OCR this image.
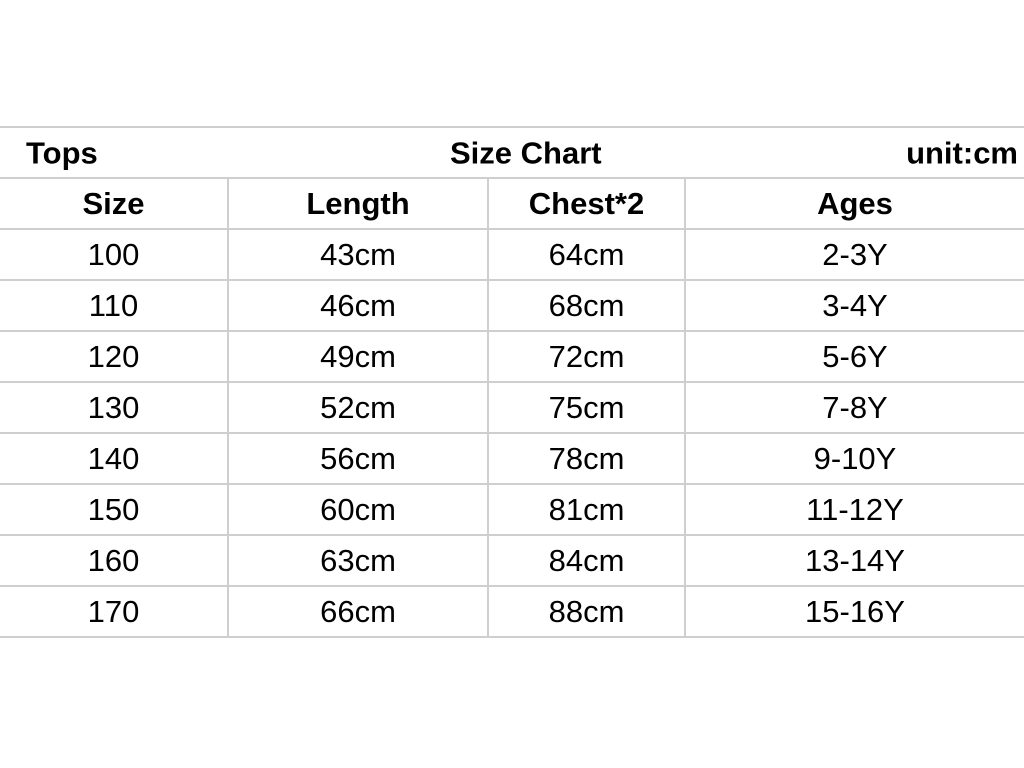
Tops Size Chart unit:cm			

Size	Length	Chest*2	Ages
100	43cm	64cm	2-3Y
110	46cm	68cm	3-4Y
120	49cm	72cm	5-6Y
130	52cm	75cm	7-8Y
140	56cm	78cm	9-10Y
150	60cm	81cm	11-12Y
160	63cm	84cm	13-14Y
170	66cm	88cm	15-16Y
